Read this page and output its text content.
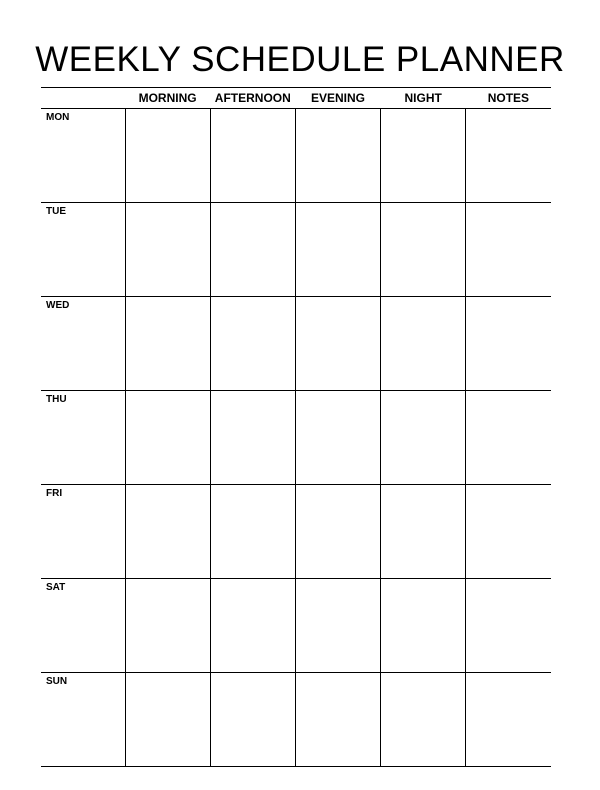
WEEKLY SCHEDULE PLANNER
	MORNING	AFTERNOON	EVENING	NIGHT	NOTES
MON					
TUE					
WED					
THU					
FRI					
SAT					
SUN					
